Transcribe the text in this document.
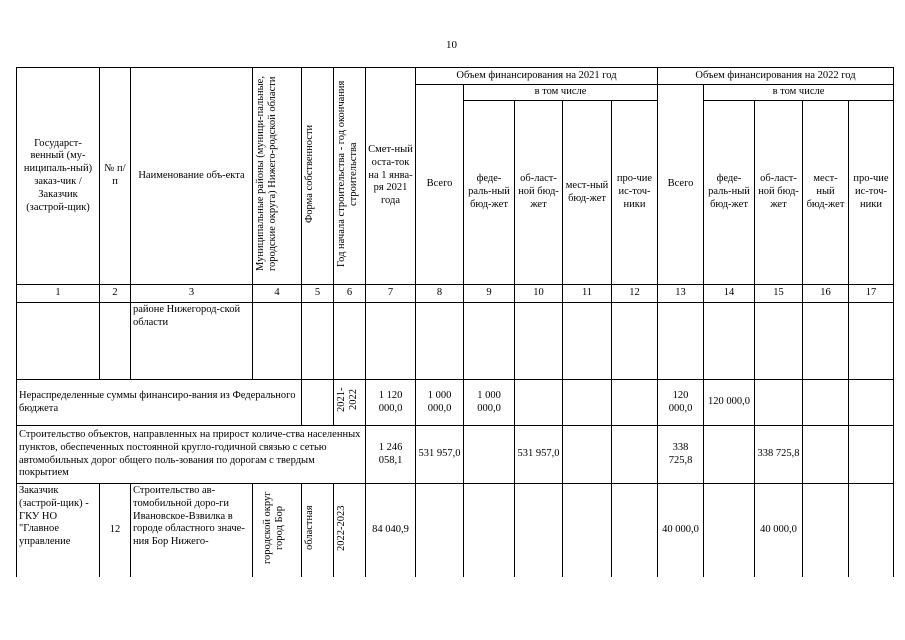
10
Государст-венный (му-ниципаль-ный) заказ-чик / Заказчик (застрой-щик)	№ п/п	Наименование объ-екта	Муниципальные районы (муници-пальные, городские округа) Нижего-родской области	Форма собственности	Год начала строительства - год окончания строительства	Смет-ный оста-ток на 1 янва-ря 2021 года	Объем финансирования на 2021 год					Объем финансирования на 2022 год				
							Всего	в том числе				Всего	в том числе			
								феде-раль-ный бюд-жет	об-ласт-ной бюд-жет	мест-ный бюд-жет	про-чие ис-точ-ники		феде-раль-ный бюд-жет	об-ласт-ной бюд-жет	мест-ный бюд-жет	про-чие ис-точ-ники
1	2	3	4	5	6	7	8	9	10	11	12	13	14	15	16	17
		районе Нижегород-ской области														
Нераспределенные суммы финансиро-вания из Федерального бюджета					2021-2022	1 120 000,0	1 000 000,0	1 000 000,0				120 000,0	120 000,0			
Строительство объектов, направленных на прирост количе-ства населенных пунктов, обеспеченных постоянной кругло-годичной связью с сетью автомобильных дорог общего поль-зования по дорогам с твердым покрытием						1 246 058,1	531 957,0		531 957,0			338 725,8		338 725,8		
Заказчик (застрой-щик) - ГКУ НО "Главное управление	12	Строительство ав-томобильной доро-ги Ивановское-Взвилка в городе областного значе-ния Бор Нижего-	городской округ город Бор	областная	2022-2023	84 040,9						40 000,0		40 000,0		
